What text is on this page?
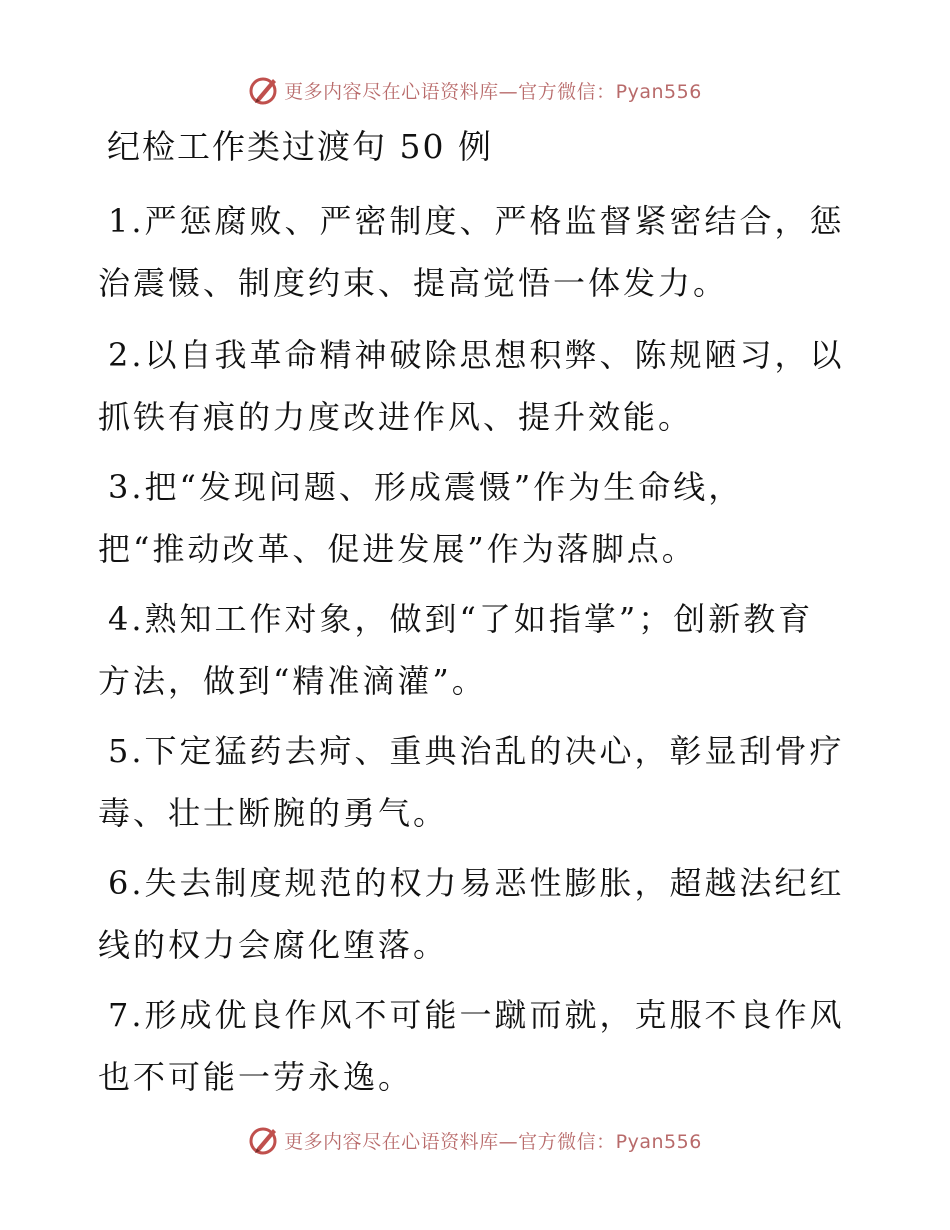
更多内容尽在心语资料库—官方微信：Pyan556
纪检工作类过渡句 50 例
1.严惩腐败、严密制度、严格监督紧密结合，惩
治震慑、制度约束、提高觉悟一体发力。
2.以自我革命精神破除思想积弊、陈规陋习，以
抓铁有痕的力度改进作风、提升效能。
3.把“发现问题、形成震慑”作为生命线，
把“推动改革、促进发展”作为落脚点。
4.熟知工作对象，做到“了如指掌”；创新教育
方法，做到“精准滴灌”。
5.下定猛药去疴、重典治乱的决心，彰显刮骨疗
毒、壮士断腕的勇气。
6.失去制度规范的权力易恶性膨胀，超越法纪红
线的权力会腐化堕落。
7.形成优良作风不可能一蹴而就，克服不良作风
也不可能一劳永逸。
更多内容尽在心语资料库—官方微信：Pyan556
